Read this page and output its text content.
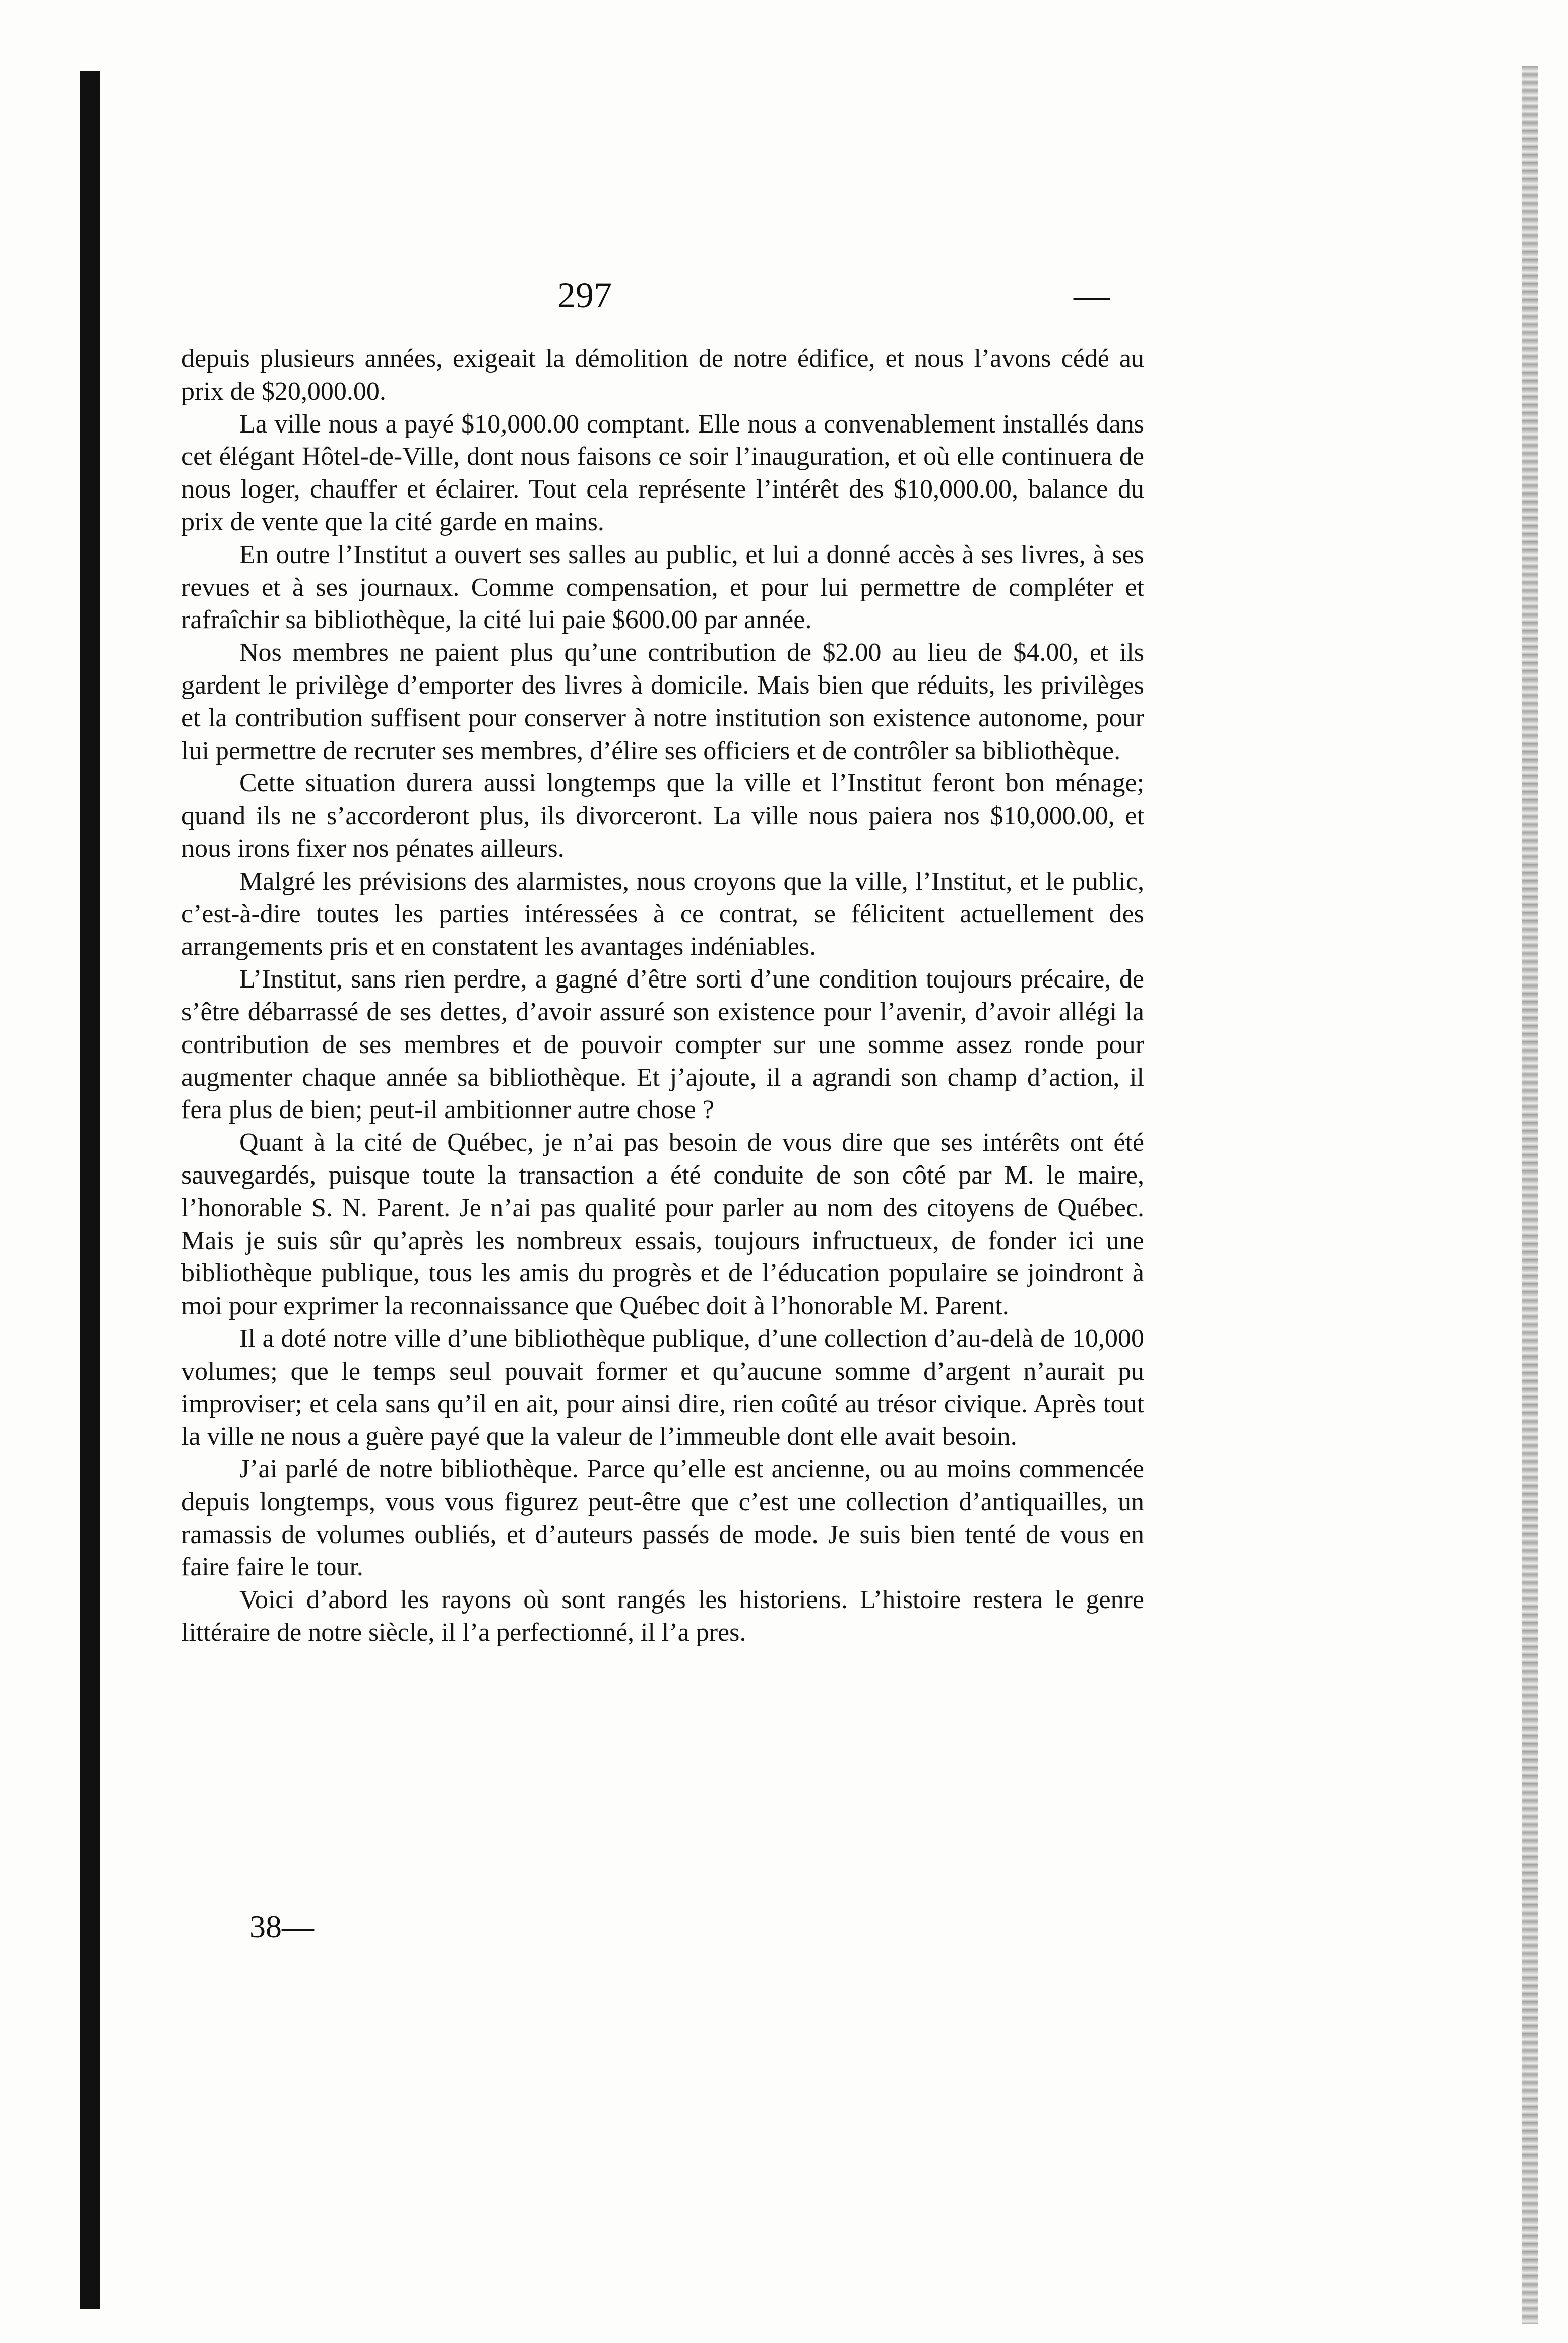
297	—

depuis plusieurs années, exigeait la démolition de notre édifice, et nous l’avons cédé au prix de $20,000.00.

La ville nous a payé $10,000.00 comptant. Elle nous a convenablement installés dans cet élégant Hôtel-de-Ville, dont nous faisons ce soir l’inauguration, et où elle continuera de nous loger, chauffer et éclairer. Tout cela représente l’intérêt des $10,000.00, balance du prix de vente que la cité garde en mains.

En outre l’Institut a ouvert ses salles au public, et lui a donné accès à ses livres, à ses revues et à ses journaux. Comme compensation, et pour lui permettre de compléter et rafraîchir sa bibliothèque, la cité lui paie $600.00 par année.

Nos membres ne paient plus qu’une contribution de $2.00 au lieu de $4.00, et ils gardent le privilège d’emporter des livres à domicile. Mais bien que réduits, les privilèges et la contribution suffisent pour conserver à notre institution son existence autonome, pour lui permettre de recruter ses membres, d’élire ses officiers et de contrôler sa bibliothèque.

Cette situation durera aussi longtemps que la ville et l’Institut feront bon ménage; quand ils ne s’accorderont plus, ils divorceront. La ville nous paiera nos $10,000.00, et nous irons fixer nos pénates ailleurs.

Malgré les prévisions des alarmistes, nous croyons que la ville, l’Institut, et le public, c’est-à-dire toutes les parties intéressées à ce contrat, se félicitent actuellement des arrangements pris et en constatent les avantages indéniables.

L’Institut, sans rien perdre, a gagné d’être sorti d’une condition toujours précaire, de s’être débarrassé de ses dettes, d’avoir assuré son existence pour l’avenir, d’avoir allégi la contribution de ses membres et de pouvoir compter sur une somme assez ronde pour augmenter chaque année sa bibliothèque. Et j’ajoute, il a agrandi son champ d’action, il fera plus de bien; peut-il ambitionner autre chose ?

Quant à la cité de Québec, je n’ai pas besoin de vous dire que ses intérêts ont été sauvegardés, puisque toute la transaction a été conduite de son côté par M. le maire, l’honorable S. N. Parent. Je n’ai pas qualité pour parler au nom des citoyens de Québec. Mais je suis sûr qu’après les nombreux essais, toujours infructueux, de fonder ici une bibliothèque publique, tous les amis du progrès et de l’éducation populaire se joindront à moi pour exprimer la reconnaissance que Québec doit à l’honorable M. Parent.

Il a doté notre ville d’une bibliothèque publique, d’une collection d’au-delà de 10,000 volumes; que le temps seul pouvait former et qu’aucune somme d’argent n’aurait pu improviser; et cela sans qu’il en ait, pour ainsi dire, rien coûté au trésor civique. Après tout la ville ne nous a guère payé que la valeur de l’immeuble dont elle avait besoin.

J’ai parlé de notre bibliothèque. Parce qu’elle est ancienne, ou au moins commencée depuis longtemps, vous vous figurez peut-être que c’est une collection d’antiquailles, un ramassis de volumes oubliés, et d’auteurs passés de mode. Je suis bien tenté de vous en faire faire le tour.

Voici d’abord les rayons où sont rangés les historiens. L’histoire restera le genre littéraire de notre siècle, il l’a perfectionné, il l’a pres.

38—
